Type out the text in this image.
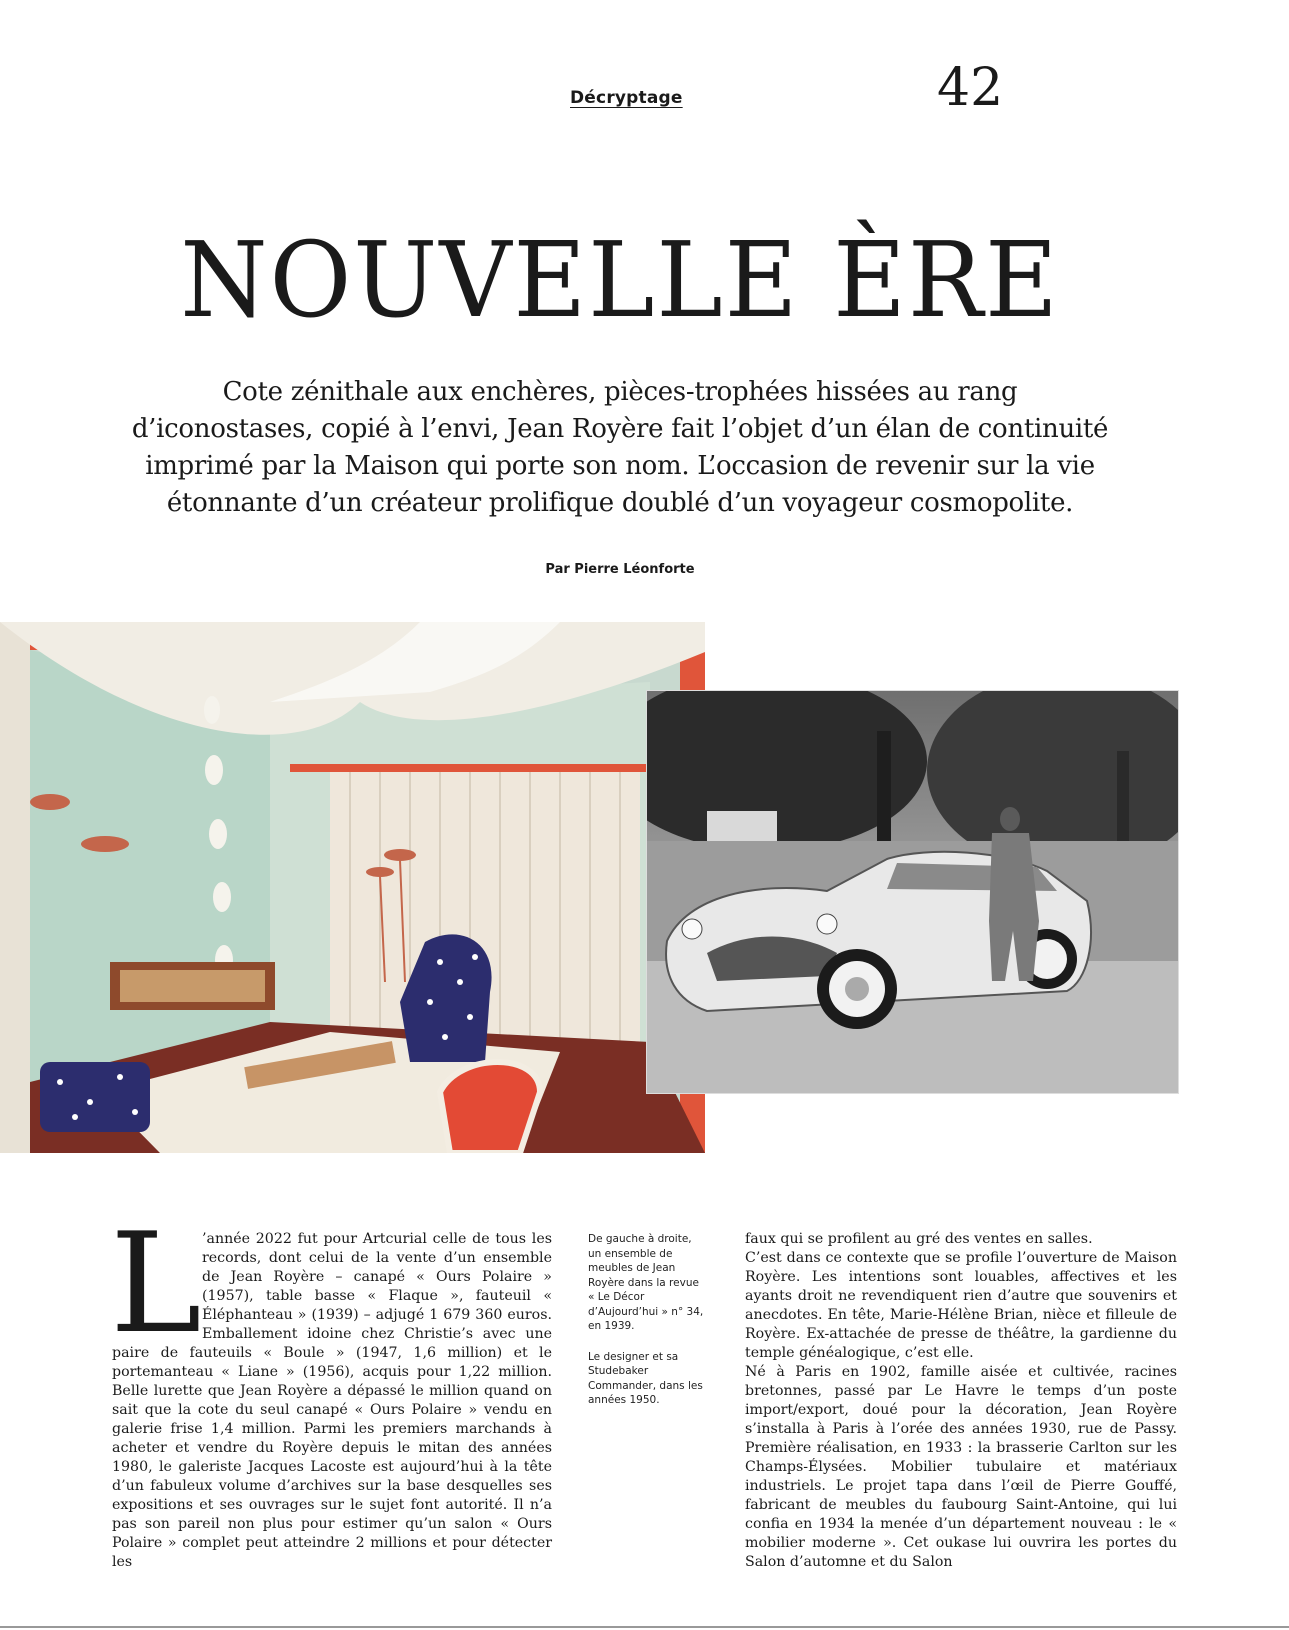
Décryptage	42
NOUVELLE ÈRE

Cote zénithale aux enchères, pièces-trophées hissées au rang d’iconostases, copié à l’envi, Jean Royère fait l’objet d’un élan de continuité imprimé par la Maison qui porte son nom. L’occasion de revenir sur la vie étonnante d’un créateur prolifique doublé d’un voyageur cosmopolite.

Par Pierre Léonforte

De gauche à droite, un ensemble de meubles de Jean Royère dans la revue « Le Décor d’Aujourd’hui » n° 34, en 1939.

Le designer et sa Studebaker Commander, dans les années 1950.

L ’année 2022 fut pour Artcurial celle de tous les records, dont celui de la vente d’un ensemble de Jean Royère – canapé « Ours Polaire » (1957), table basse « Flaque », fauteuil « Éléphanteau » (1939) – adjugé 1 679 360 euros. Emballement idoine chez Christie’s avec une paire de fauteuils « Boule » (1947, 1,6 million) et le portemanteau « Liane » (1956), acquis pour 1,22 million. Belle lurette que Jean Royère a dépassé le million quand on sait que la cote du seul canapé « Ours Polaire » vendu en galerie frise 1,4 million. Parmi les premiers marchands à acheter et vendre du Royère depuis le mitan des années 1980, le galeriste Jacques Lacoste est aujourd’hui à la tête d’un fabuleux volume d’archives sur la base desquelles ses expositions et ses ouvrages sur le sujet font autorité. Il n’a pas son pareil non plus pour estimer qu’un salon « Ours Polaire » complet peut atteindre 2 millions et pour détecter les

faux qui se profilent au gré des ventes en salles.

C’est dans ce contexte que se profile l’ouverture de Maison Royère. Les intentions sont louables, affectives et les ayants droit ne revendiquent rien d’autre que souvenirs et anecdotes. En tête, Marie-Hélène Brian, nièce et filleule de Royère. Ex-attachée de presse de théâtre, la gardienne du temple généalogique, c’est elle.

Né à Paris en 1902, famille aisée et cultivée, racines bretonnes, passé par Le Havre le temps d’un poste import/export, doué pour la décoration, Jean Royère s’installa à Paris à l’orée des années 1930, rue de Passy. Première réalisation, en 1933 : la brasserie Carlton sur les Champs-Élysées. Mobilier tubulaire et matériaux industriels. Le projet tapa dans l’œil de Pierre Gouffé, fabricant de meubles du faubourg Saint-Antoine, qui lui confia en 1934 la menée d’un département nouveau : le « mobilier moderne ». Cet oukase lui ouvrira les portes du Salon d’automne et du Salon
